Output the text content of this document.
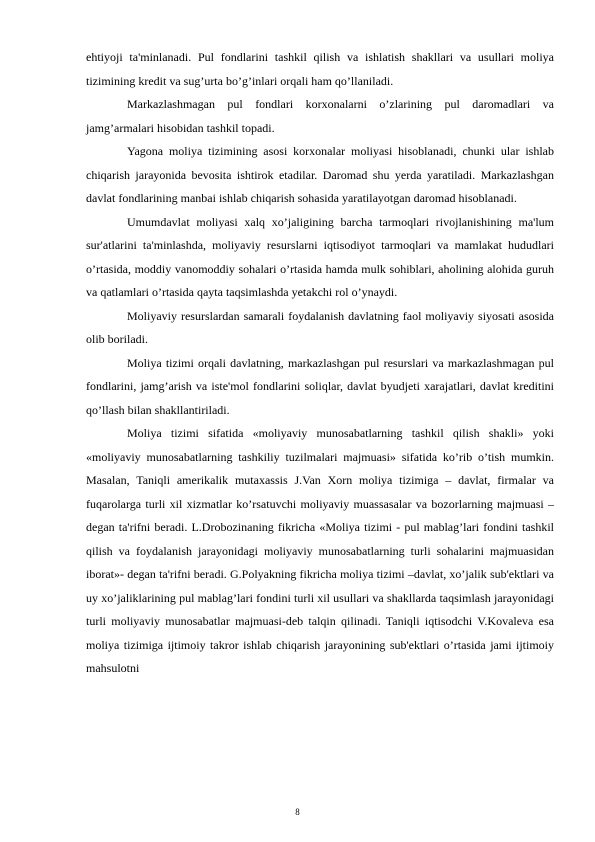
ehtiyoji ta'minlanadi. Pul fondlarini tashkil qilish va ishlatish shakllari va usullari moliya tizimining kredit va sug’urta bo’g’inlari orqali ham qo’llaniladi.

Markazlashmagan pul fondlari korxonalarni o’zlarining pul daromadlari va jamg’armalari hisobidan tashkil topadi.

Yagona moliya tizimining asosi korxonalar moliyasi hisoblanadi, chunki ular ishlab chiqarish jarayonida bevosita ishtirok etadilar. Daromad shu yerda yaratiladi. Markazlashgan davlat fondlarining manbai ishlab chiqarish sohasida yaratilayotgan daromad hisoblanadi.

Umumdavlat moliyasi xalq xo’jaligining barcha tarmoqlari rivojlanishining ma'lum sur'atlarini ta'minlashda, moliyaviy resurslarni iqtisodiyot tarmoqlari va mamlakat hududlari o’rtasida, moddiy vanomoddiy sohalari o’rtasida hamda mulk sohiblari, aholining alohida guruh va qatlamlari o’rtasida qayta taqsimlashda yetakchi rol o’ynaydi.

Moliyaviy resurslardan samarali foydalanish davlatning faol moliyaviy siyosati asosida olib boriladi.

Moliya tizimi orqali davlatning, markazlashgan pul resurslari va markazlashmagan pul fondlarini, jamg’arish va iste'mol fondlarini soliqlar, davlat byudjeti xarajatlari, davlat kreditini qo’llash bilan shakllantiriladi.

Moliya tizimi sifatida «moliyaviy munosabatlarning tashkil qilish shakli» yoki «moliyaviy munosabatlarning tashkiliy tuzilmalari majmuasi» sifatida ko’rib o’tish mumkin. Masalan, Taniqli amerikalik mutaxassis J.Van Xorn moliya tizimiga – davlat, firmalar va fuqarolarga turli xil xizmatlar ko’rsatuvchi moliyaviy muassasalar va bozorlarning majmuasi –degan ta'rifni beradi. L.Drobozinaning fikricha «Moliya tizimi - pul mablag’lari fondini tashkil qilish va foydalanish jarayonidagi moliyaviy munosabatlarning turli sohalarini majmuasidan iborat»- degan ta'rifni beradi. G.Polyakning fikricha moliya tizimi –davlat, xo’jalik sub'ektlari va uy xo’jaliklarining pul mablag’lari fondini turli xil usullari va shakllarda taqsimlash jarayonidagi turli moliyaviy munosabatlar majmuasi-deb talqin qilinadi. Taniqli iqtisodchi V.Kovaleva esa moliya tizimiga ijtimoiy takror ishlab chiqarish jarayonining sub'ektlari o’rtasida jami ijtimoiy mahsulotni

8
